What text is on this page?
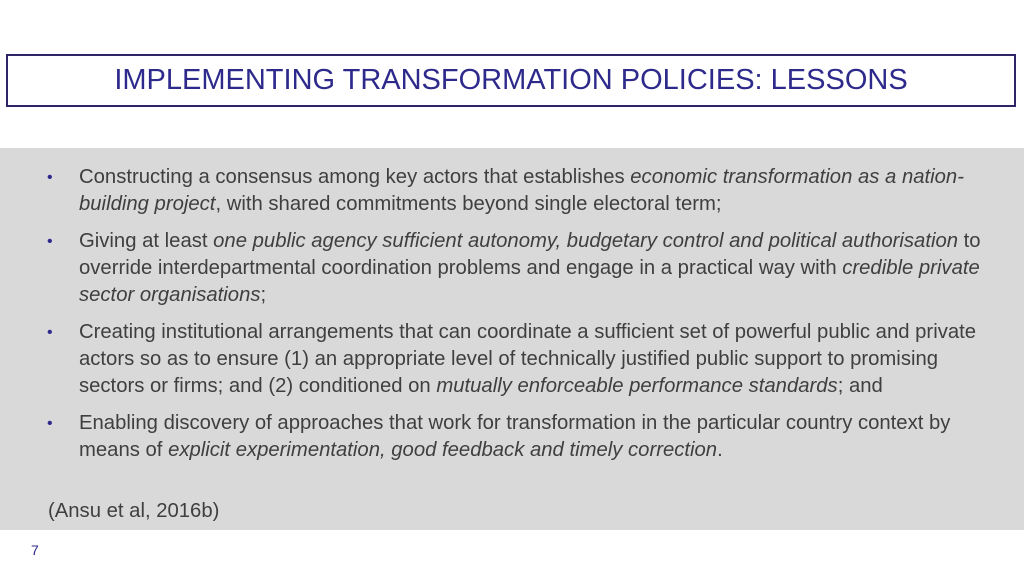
IMPLEMENTING TRANSFORMATION POLICIES: LESSONS
• Constructing a consensus among key actors that establishes economic transformation as a nation-building project, with shared commitments beyond single electoral term;
• Giving at least one public agency sufficient autonomy, budgetary control and political authorisation to override interdepartmental coordination problems and engage in a practical way with credible private sector organisations;
• Creating institutional arrangements that can coordinate a sufficient set of powerful public and private actors so as to ensure (1) an appropriate level of technically justified public support to promising sectors or firms; and (2) conditioned on mutually enforceable performance standards; and
• Enabling discovery of approaches that work for transformation in the particular country context by means of explicit experimentation, good feedback and timely correction.
(Ansu et al, 2016b)
7
